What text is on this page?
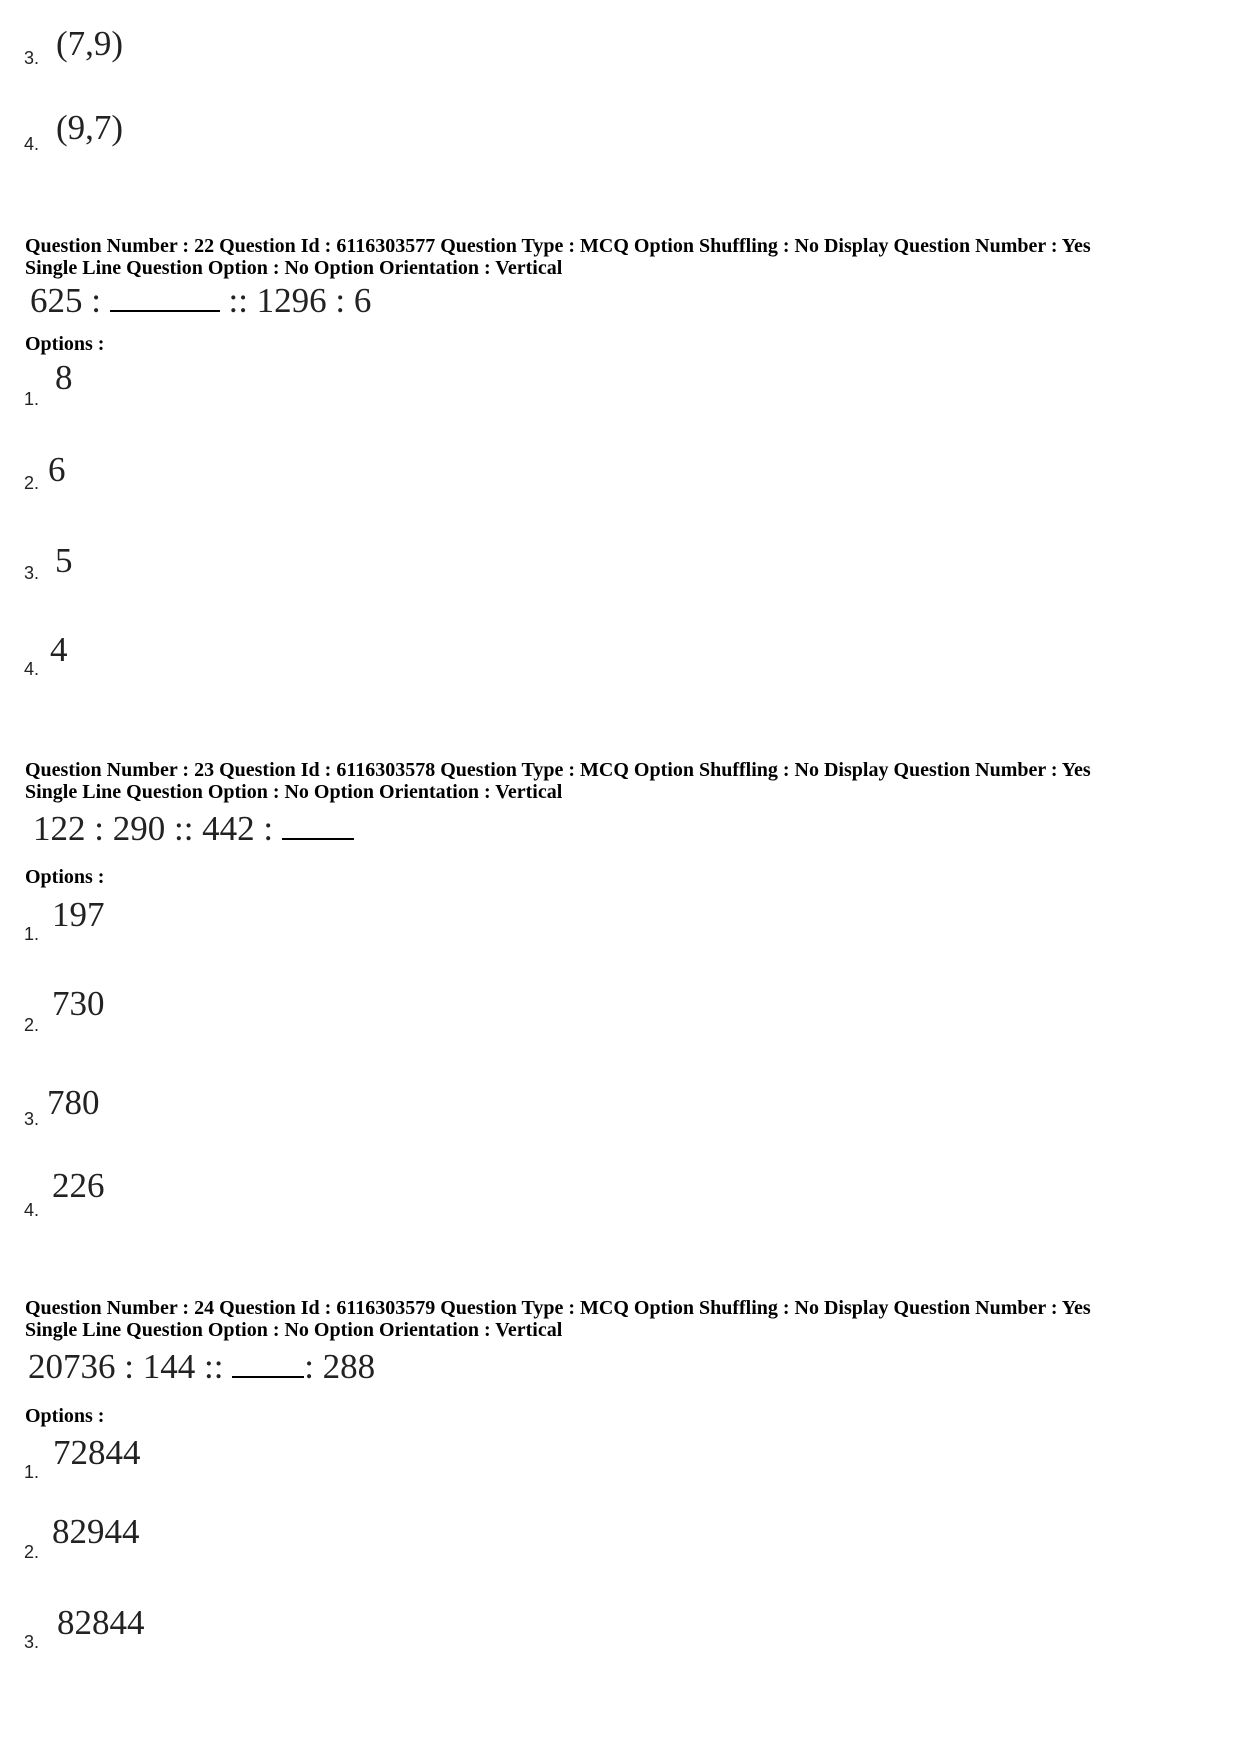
3. (7,9)
4. (9,7)
Question Number : 22 Question Id : 6116303577 Question Type : MCQ Option Shuffling : No Display Question Number : Yes
Single Line Question Option : No Option Orientation : Vertical
625 :	:: 1296 : 6
Options :
1.
8
2. 6
3. 5
4. 4
Question Number : 23 Question Id : 6116303578 Question Type : MCQ Option Shuffling : No Display Question Number : Yes
Single Line Question Option : No Option Orientation : Vertical
122 : 290 :: 442 :
Options :
1. 197
2.
730
3. 780
4.
226
Question Number : 24 Question Id : 6116303579 Question Type : MCQ Option Shuffling : No Display Question Number : Yes
Single Line Question Option : No Option Orientation : Vertical
20736 : 144 :: : 288
Options :
1. 72844
2.
82944
3. 82844
